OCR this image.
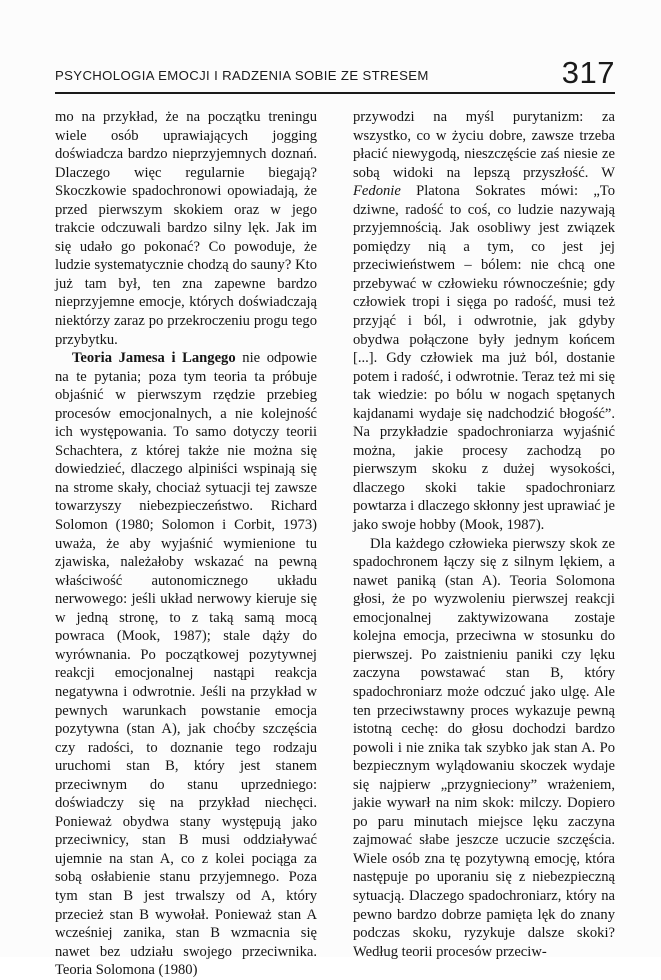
PSYCHOLOGIA EMOCJI I RADZENIA SOBIE ZE STRESEM	317

mo na przykład, że na początku treningu wiele osób uprawiających jogging doświadcza bardzo nieprzyjemnych doznań. Dlaczego więc regularnie biegają? Skoczkowie spadochronowi opowiadają, że przed pierwszym skokiem oraz w jego trakcie odczuwali bardzo silny lęk. Jak im się udało go pokonać? Co powoduje, że ludzie systematycznie chodzą do sauny? Kto już tam był, ten zna zapewne bardzo nieprzyjemne emocje, których doświadczają niektórzy zaraz po przekroczeniu progu tego przybytku.

Teoria Jamesa i Langego nie odpowie na te pytania; poza tym teoria ta próbuje objaśnić w pierwszym rzędzie przebieg procesów emocjonalnych, a nie kolejność ich występowania. To samo dotyczy teorii Schachtera, z której także nie można się dowiedzieć, dlaczego alpiniści wspinają się na strome skały, chociaż sytuacji tej zawsze towarzyszy niebezpieczeństwo. Richard Solomon (1980; Solomon i Corbit, 1973) uważa, że aby wyjaśnić wymienione tu zjawiska, należałoby wskazać na pewną właściwość autonomicznego układu nerwowego: jeśli układ nerwowy kieruje się w jedną stronę, to z taką samą mocą powraca (Mook, 1987); stale dąży do wyrównania. Po początkowej pozytywnej reakcji emocjonalnej nastąpi reakcja negatywna i odwrotnie. Jeśli na przykład w pewnych warunkach powstanie emocja pozytywna (stan A), jak choćby szczęścia czy radości, to doznanie tego rodzaju uruchomi stan B, który jest stanem przeciwnym do stanu uprzedniego: doświadczy się na przykład niechęci. Ponieważ obydwa stany występują jako przeciwnicy, stan B musi oddziaływać ujemnie na stan A, co z kolei pociąga za sobą osłabienie stanu przyjemnego. Poza tym stan B jest trwalszy od A, który przecież stan B wywołał. Ponieważ stan A wcześniej zanika, stan B wzmacnia się nawet bez udziału swojego przeciwnika. Teoria Solomona (1980)

przywodzi na myśl purytanizm: za wszystko, co w życiu dobre, zawsze trzeba płacić niewygodą, nieszczęście zaś niesie ze sobą widoki na lepszą przyszłość. W Fedonie Platona Sokrates mówi: „To dziwne, radość to coś, co ludzie nazywają przyjemnością. Jak osobliwy jest związek pomiędzy nią a tym, co jest jej przeciwieństwem – bólem: nie chcą one przebywać w człowieku równocześnie; gdy człowiek tropi i sięga po radość, musi też przyjąć i ból, i odwrotnie, jak gdyby obydwa połączone były jednym końcem [...]. Gdy człowiek ma już ból, dostanie potem i radość, i odwrotnie. Teraz też mi się tak wiedzie: po bólu w nogach spętanych kajdanami wydaje się nadchodzić błogość”. Na przykładzie spadochroniarza wyjaśnić można, jakie procesy zachodzą po pierwszym skoku z dużej wysokości, dlaczego skoki takie spadochroniarz powtarza i dlaczego skłonny jest uprawiać je jako swoje hobby (Mook, 1987).

Dla każdego człowieka pierwszy skok ze spadochronem łączy się z silnym lękiem, a nawet paniką (stan A). Teoria Solomona głosi, że po wyzwoleniu pierwszej reakcji emocjonalnej zaktywizowana zostaje kolejna emocja, przeciwna w stosunku do pierwszej. Po zaistnieniu paniki czy lęku zaczyna powstawać stan B, który spadochroniarz może odczuć jako ulgę. Ale ten przeciwstawny proces wykazuje pewną istotną cechę: do głosu dochodzi bardzo powoli i nie znika tak szybko jak stan A. Po bezpiecznym wylądowaniu skoczek wydaje się najpierw „przygnieciony” wrażeniem, jakie wywarł na nim skok: milczy. Dopiero po paru minutach miejsce lęku zaczyna zajmować słabe jeszcze uczucie szczęścia. Wiele osób zna tę pozytywną emocję, która następuje po uporaniu się z niebezpieczną sytuacją. Dlaczego spadochroniarz, który na pewno bardzo dobrze pamięta lęk do znany podczas skoku, ryzykuje dalsze skoki? Według teorii procesów przeciw-
